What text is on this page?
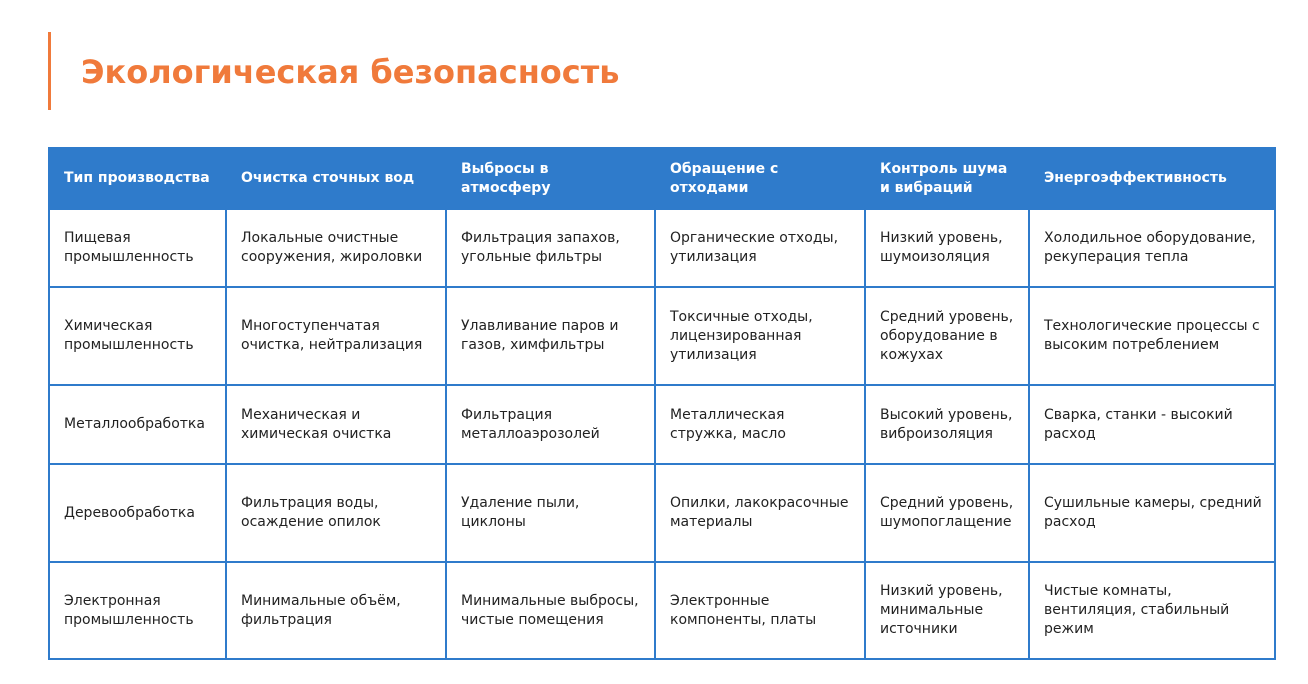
Экологическая безопасность
Тип производства	Очистка сточных вод	Выбросы в атмосферу	Обращение с отходами	Контроль шума и вибраций	Энергоэффективность
Пищевая промышленность	Локальные очистные сооружения, жироловки	Фильтрация запахов, угольные фильтры	Органические отходы, утилизация	Низкий уровень, шумоизоляция	Холодильное оборудование, рекуперация тепла
Химическая промышленность	Многоступенчатая очистка, нейтрализация	Улавливание паров и газов, химфильтры	Токсичные отходы, лицензированная утилизация	Средний уровень, оборудование в кожухах	Технологические процессы с высоким потреблением
Металлообработка	Механическая и химическая очистка	Фильтрация металлоаэрозолей	Металлическая стружка, масло	Высокий уровень, виброизоляция	Сварка, станки - высокий расход
Деревообработка	Фильтрация воды, осаждение опилок	Удаление пыли, циклоны	Опилки, лакокрасочные материалы	Средний уровень, шумопоглащение	Сушильные камеры, средний расход
Электронная промышленность	Минимальные объём, фильтрация	Минимальные выбросы, чистые помещения	Электронные компоненты, платы	Низкий уровень, минимальные источники	Чистые комнаты, вентиляция, стабильный режим
